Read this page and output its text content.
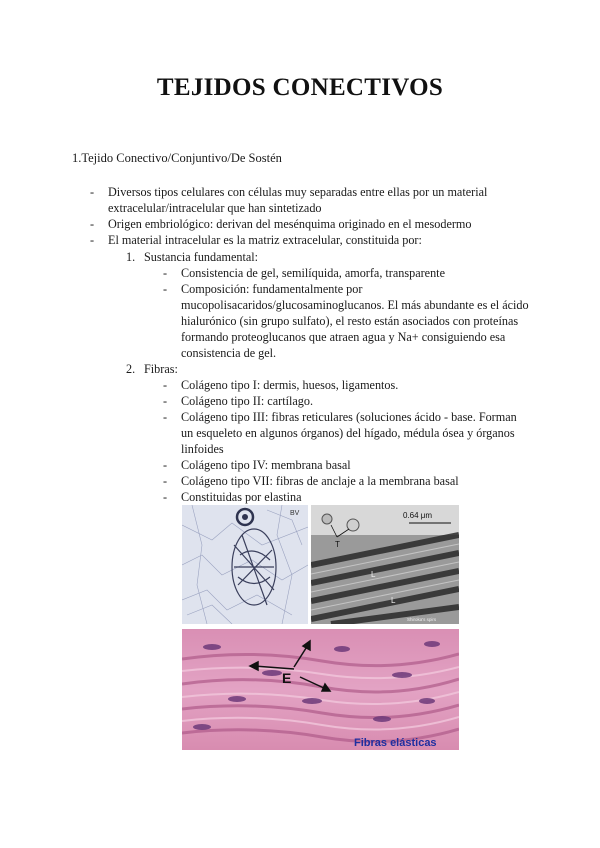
TEJIDOS CONECTIVOS
1.Tejido Conectivo/Conjuntivo/De Sostén
- Diversos tipos celulares con células muy separadas entre ellas por un material
extracelular/intracelular que han sintetizado
- Origen embriológico: derivan del mesénquima originado en el mesodermo
- El material intracelular es la matriz extracelular, constituida por:
1. Sustancia fundamental:
- Consistencia de gel, semilíquida, amorfa, transparente
- Composición: fundamentalmente por
mucopolisacaridos/glucosaminoglucanos. El más abundante es el ácido
hialurónico (sin grupo sulfato), el resto están asociados con proteínas
formando proteoglucanos que atraen agua y Na+ consiguiendo esa
consistencia de gel.
2. Fibras:
- Colágeno tipo I: dermis, huesos, ligamentos.
- Colágeno tipo II: cartílago.
- Colágeno tipo III: fibras reticulares (soluciones ácido - base. Forman
un esqueleto en algunos órganos) del hígado, médula ósea y órganos
linfoides
- Colágeno tipo IV: membrana basal
- Colágeno tipo VII: fibras de anclaje a la membrana basal
- Constituidas por elastina
BV	0.64 μm
T
L
L
Shiroka's spirs
E
Fibras elásticas
